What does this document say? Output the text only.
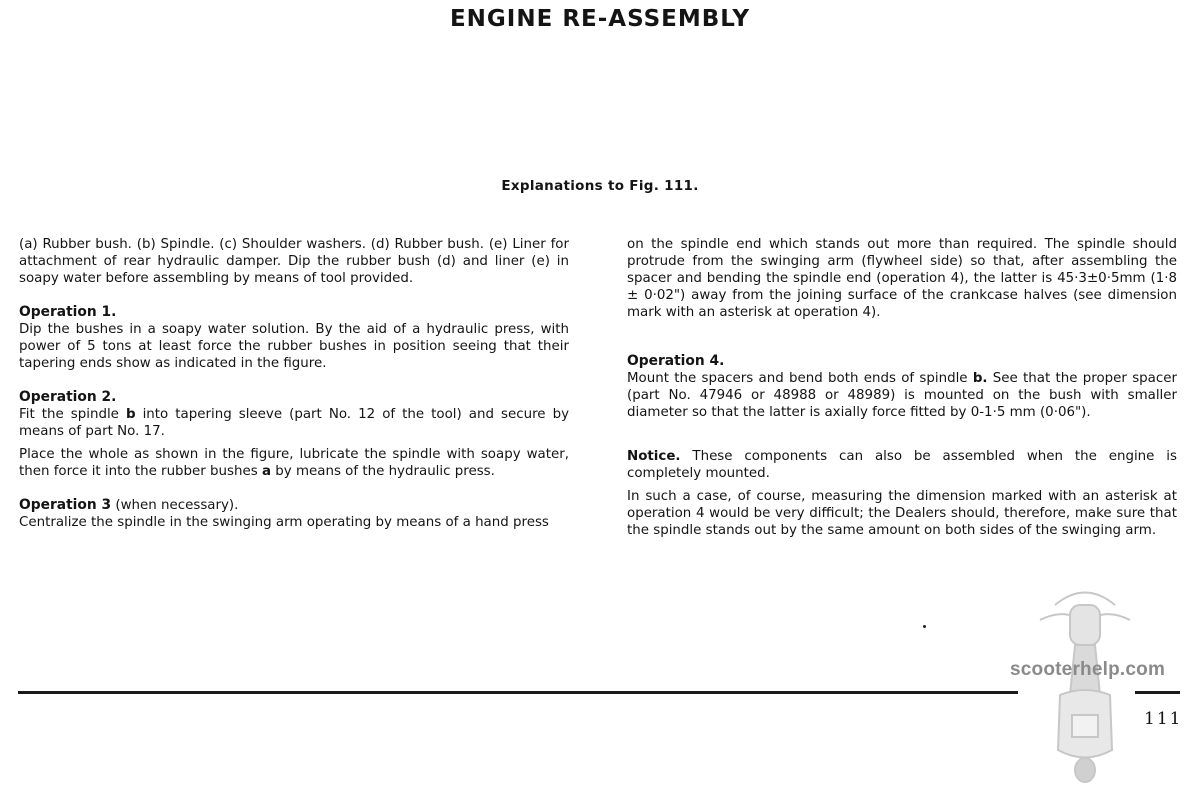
ENGINE RE-ASSEMBLY
Explanations to Fig. 111.

(a) Rubber bush. (b) Spindle. (c) Shoulder washers. (d) Rubber bush. (e) Liner for attachment of rear hydraulic damper. Dip the rubber bush (d) and liner (e) in soapy water before assembling by means of tool provided.

Operation 1.

Dip the bushes in a soapy water solution. By the aid of a hydraulic press, with power of 5 tons at least force the rubber bushes in position seeing that their tapering ends show as indicated in the figure.

Operation 2.

Fit the spindle b into tapering sleeve (part No. 12 of the tool) and secure by means of part No. 17.

Place the whole as shown in the figure, lubricate the spindle with soapy water, then force it into the rubber bushes a by means of the hydraulic press.

Operation 3 (when necessary).

Centralize the spindle in the swinging arm operating by means of a hand press

on the spindle end which stands out more than required. The spindle should protrude from the swinging arm (flywheel side) so that, after assembling the spacer and bending the spindle end (operation 4), the latter is 45·3±0·5mm (1·8 ± 0·02") away from the joining surface of the crankcase halves (see dimension mark with an asterisk at operation 4).

Operation 4.

Mount the spacers and bend both ends of spindle b. See that the proper spacer (part No. 47946 or 48988 or 48989) is mounted on the bush with smaller diameter so that the latter is axially force fitted by 0-1·5 mm (0·06").

Notice. These components can also be assembled when the engine is completely mounted.

In such a case, of course, measuring the dimension marked with an asterisk at operation 4 would be very difficult; the Dealers should, therefore, make sure that the spindle stands out by the same amount on both sides of the swinging arm.

scooterhelp.com

111
